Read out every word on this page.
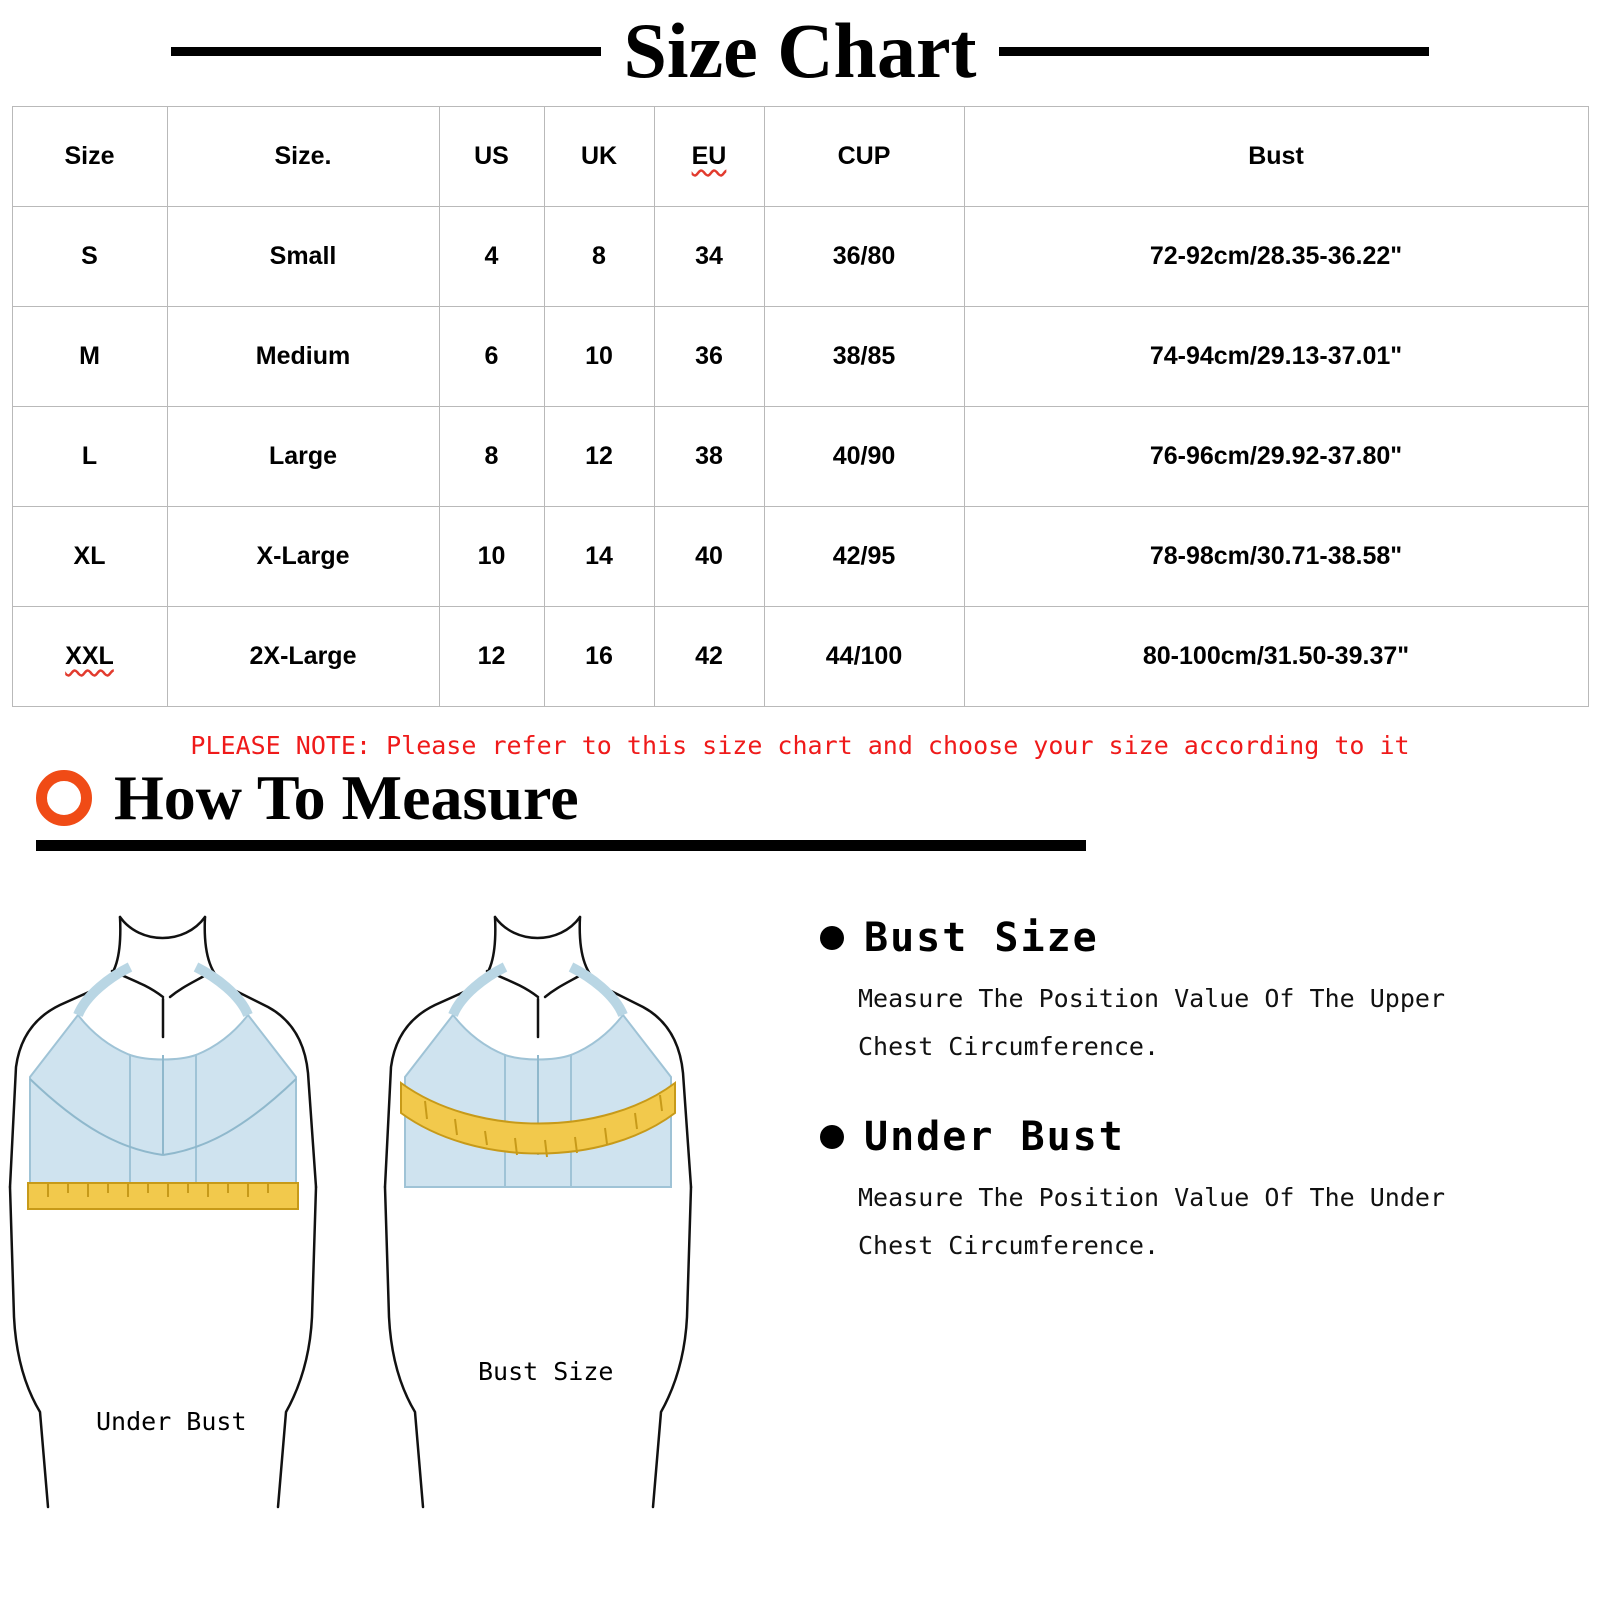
Size Chart
Size	Size.	US	UK	EU	CUP	Bust
S	Small	4	8	34	36/80	72-92cm/28.35-36.22"
M	Medium	6	10	36	38/85	74-94cm/29.13-37.01"
L	Large	8	12	38	40/90	76-96cm/29.92-37.80"
XL	X-Large	10	14	40	42/95	78-98cm/30.71-38.58"
XXL	2X-Large	12	16	42	44/100	80-100cm/31.50-39.37"
PLEASE NOTE: Please refer to this size chart and choose your size according to it
How To Measure
Under Bust
Bust Size
Bust Size
Measure The Position Value Of The Upper Chest Circumference.
Under Bust
Measure The Position Value Of The Under Chest Circumference.
